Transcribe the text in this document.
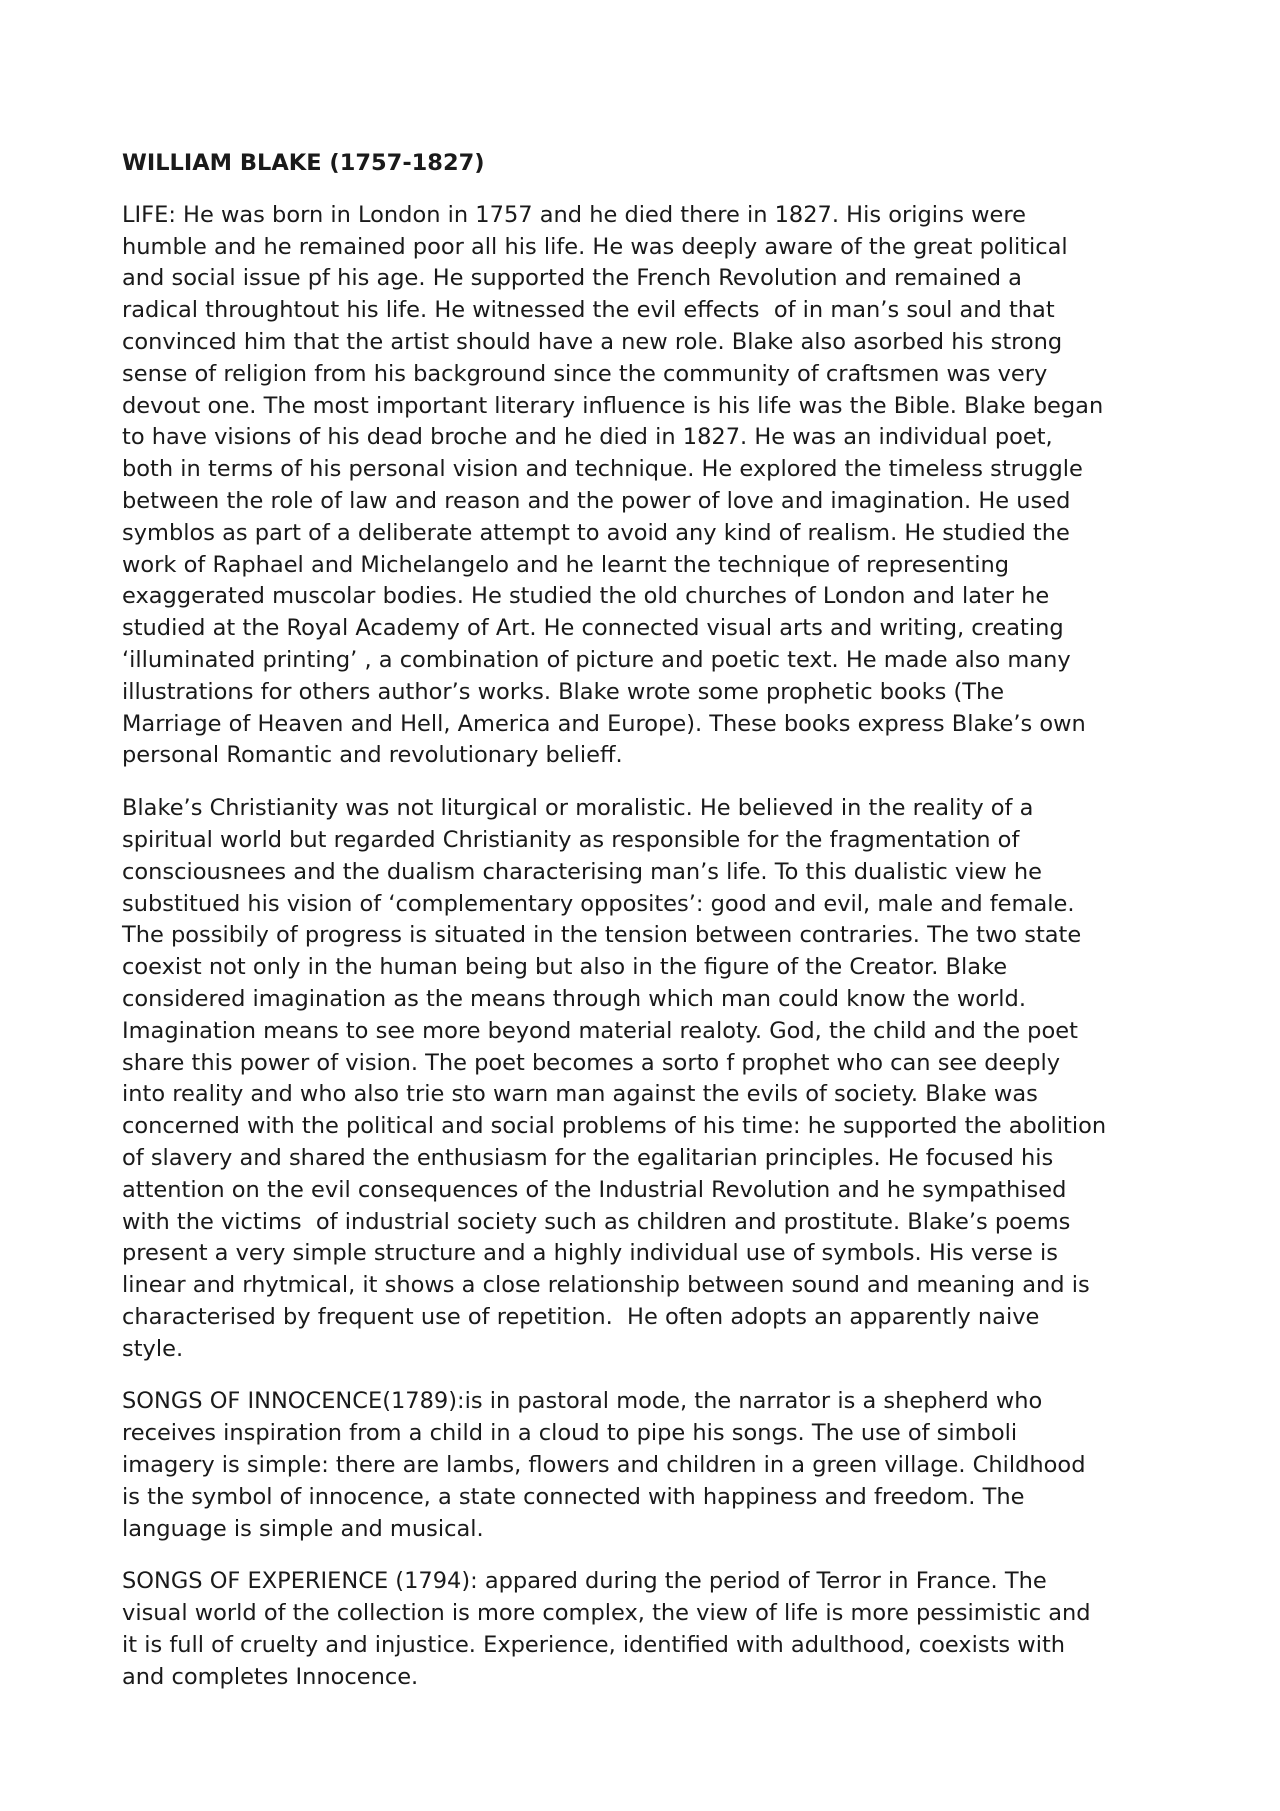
WILLIAM BLAKE (1757-1827)
LIFE: He was born in London in 1757 and he died there in 1827. His origins were
humble and he remained poor all his life. He was deeply aware of the great political
and social issue pf his age. He supported the French Revolution and remained a
radical throughtout his life. He witnessed the evil effects  of in man’s soul and that
convinced him that the artist should have a new role. Blake also asorbed his strong
sense of religion from his background since the community of craftsmen was very
devout one. The most important literary influence is his life was the Bible. Blake began
to have visions of his dead broche and he died in 1827. He was an individual poet,
both in terms of his personal vision and technique. He explored the timeless struggle
between the role of law and reason and the power of love and imagination. He used
symblos as part of a deliberate attempt to avoid any kind of realism. He studied the
work of Raphael and Michelangelo and he learnt the technique of representing
exaggerated muscolar bodies. He studied the old churches of London and later he
studied at the Royal Academy of Art. He connected visual arts and writing, creating
‘illuminated printing’ , a combination of picture and poetic text. He made also many
illustrations for others author’s works. Blake wrote some prophetic books (The
Marriage of Heaven and Hell, America and Europe). These books express Blake’s own
personal Romantic and revolutionary belieff.
Blake’s Christianity was not liturgical or moralistic. He believed in the reality of a
spiritual world but regarded Christianity as responsible for the fragmentation of
consciousnees and the dualism characterising man’s life. To this dualistic view he
substitued his vision of ‘complementary opposites’: good and evil, male and female.
The possibily of progress is situated in the tension between contraries. The two state
coexist not only in the human being but also in the figure of the Creator. Blake
considered imagination as the means through which man could know the world.
Imagination means to see more beyond material realoty. God, the child and the poet
share this power of vision. The poet becomes a sorto f prophet who can see deeply
into reality and who also trie sto warn man against the evils of society. Blake was
concerned with the political and social problems of his time: he supported the abolition
of slavery and shared the enthusiasm for the egalitarian principles. He focused his
attention on the evil consequences of the Industrial Revolution and he sympathised
with the victims  of industrial society such as children and prostitute. Blake’s poems
present a very simple structure and a highly individual use of symbols. His verse is
linear and rhytmical, it shows a close relationship between sound and meaning and is
characterised by frequent use of repetition.  He often adopts an apparently naive
style.
SONGS OF INNOCENCE(1789):is in pastoral mode, the narrator is a shepherd who
receives inspiration from a child in a cloud to pipe his songs. The use of simboli
imagery is simple: there are lambs, flowers and children in a green village. Childhood
is the symbol of innocence, a state connected with happiness and freedom. The
language is simple and musical.
SONGS OF EXPERIENCE (1794): appared during the period of Terror in France. The
visual world of the collection is more complex, the view of life is more pessimistic and
it is full of cruelty and injustice. Experience, identified with adulthood, coexists with
and completes Innocence.
